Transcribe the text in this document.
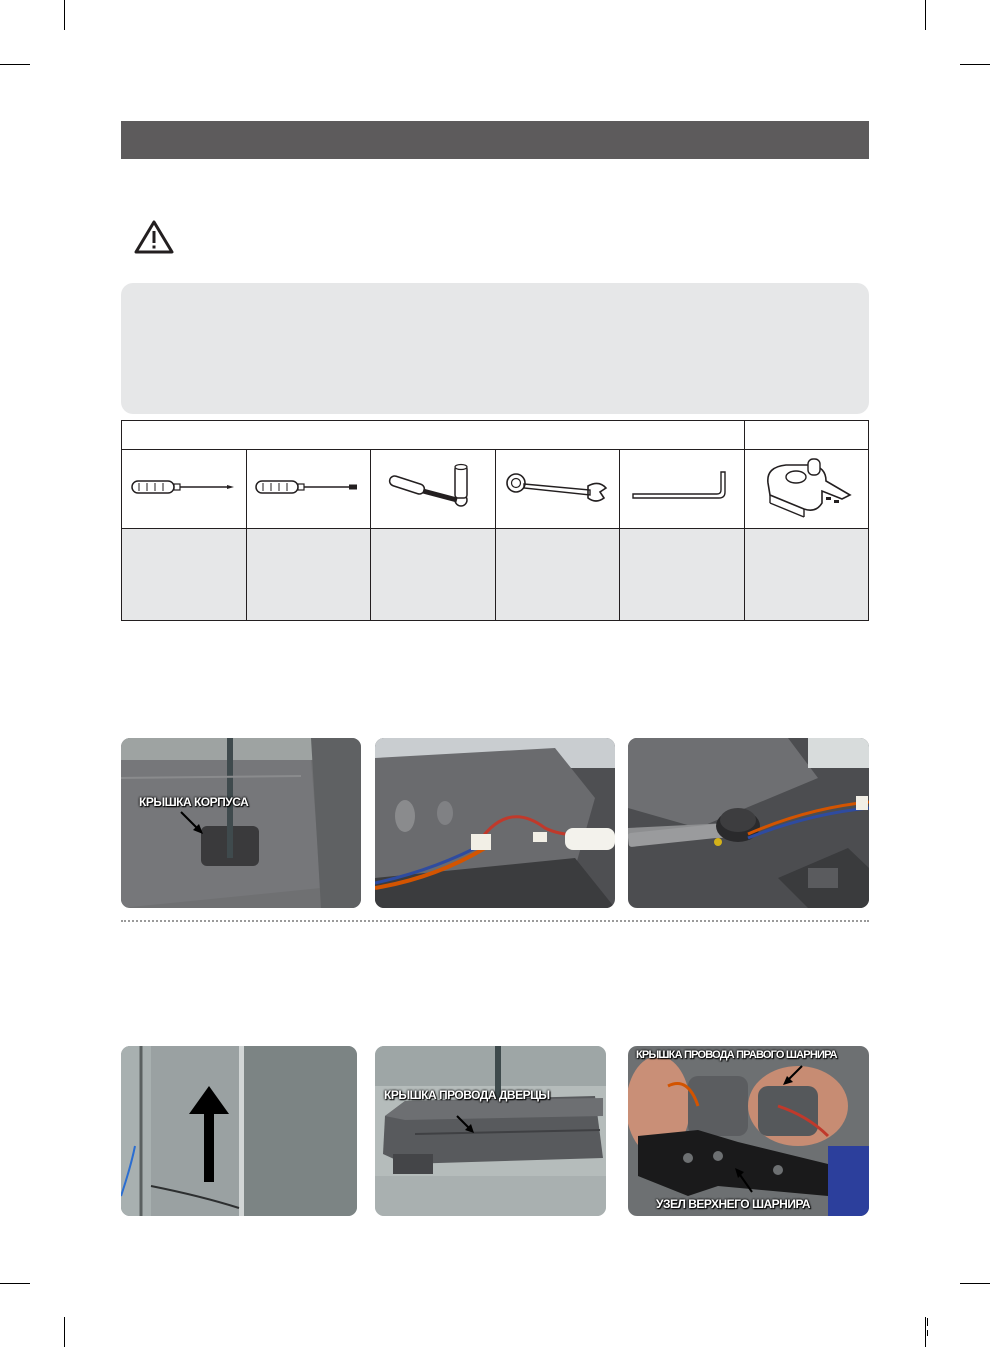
КРЫШКА КОРПУСА
КРЫШКА ПРОВОДА ДВЕРЦЫ
КРЫШКА ПРОВОДА ПРАВОГО ШАРНИРА
УЗЕЛ ВЕРХНЕГО ШАРНИРА
